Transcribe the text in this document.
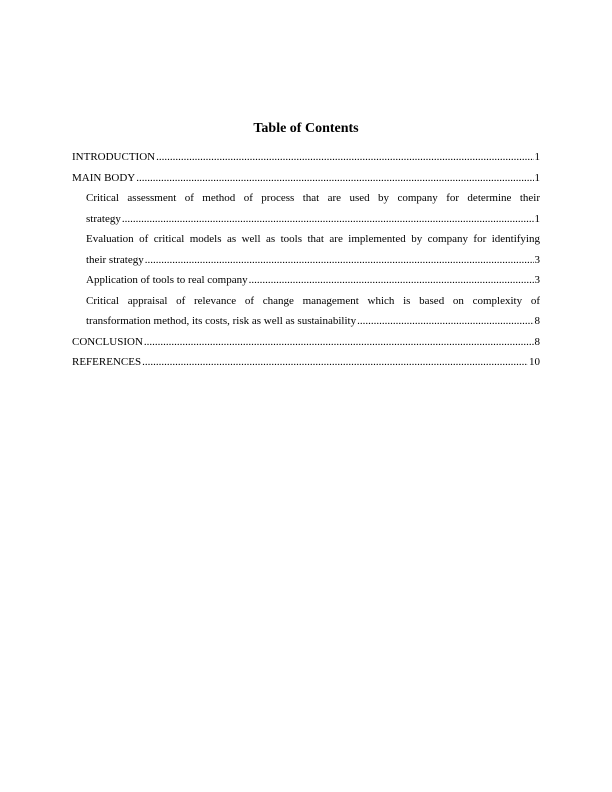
Table of Contents
INTRODUCTION .....	1
MAIN BODY .....	1
Critical assessment of method of process that are used by company for determine their
strategy .....	1
Evaluation of critical models as well as tools that are implemented by company for identifying
their strategy .....	3
Application of tools to real company .....	3
Critical appraisal of relevance of change management which is based on complexity of
transformation method, its costs, risk as well as sustainability .....	8
CONCLUSION .....	8
REFERENCES .....	10
